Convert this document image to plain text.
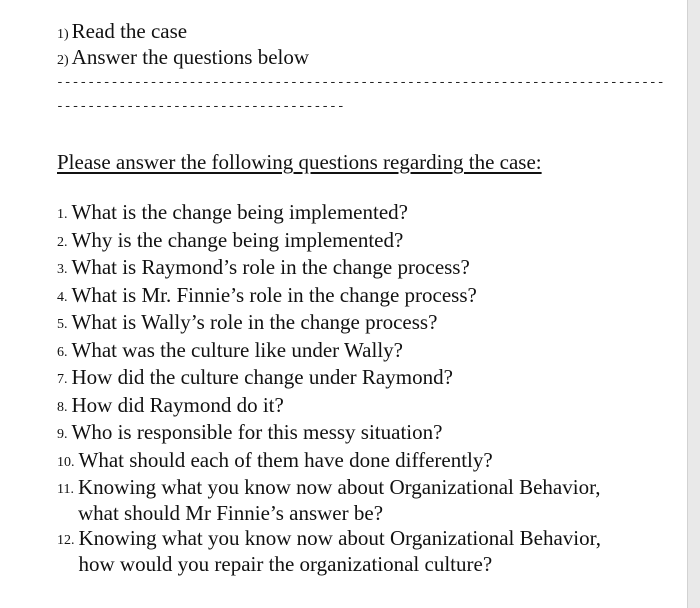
1) Read the case
2) Answer the questions below
------------------------------------------------------------------------------
-------------------------------------
Please answer the following questions regarding the case:
1. What is the change being implemented?
2. Why is the change being implemented?
3. What is Raymond’s role in the change process?
4. What is Mr. Finnie’s role in the change process?
5. What is Wally’s role in the change process?
6. What was the culture like under Wally?
7. How did the culture change under Raymond?
8. How did Raymond do it?
9. Who is responsible for this messy situation?
10. What should each of them have done differently?
11. Knowing what you know now about Organizational Behavior,
what should Mr Finnie’s answer be?
12. Knowing what you know now about Organizational Behavior,
how would you repair the organizational culture?
